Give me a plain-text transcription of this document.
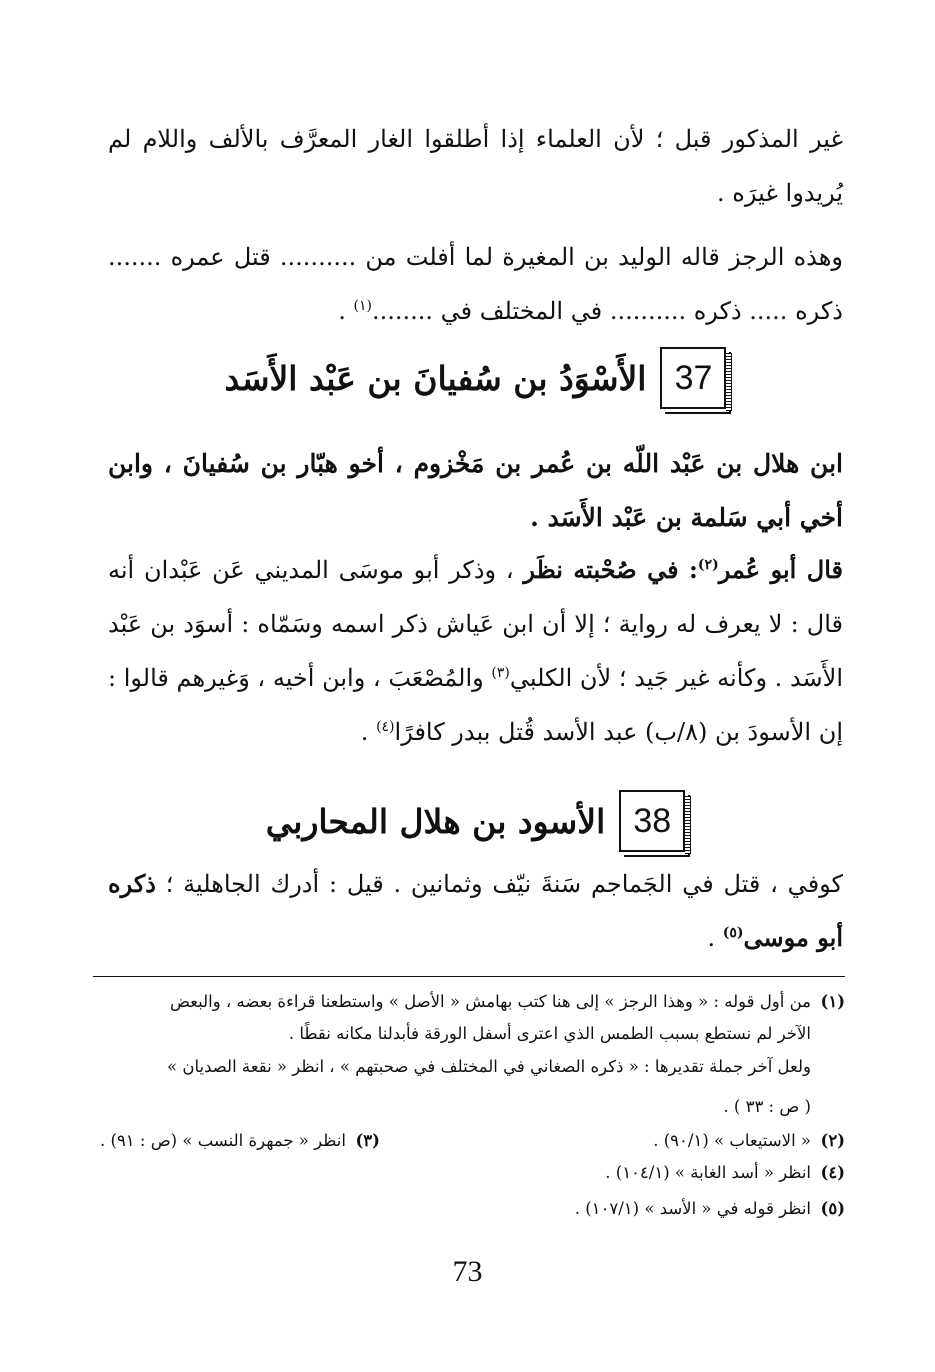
غير المذكور قبل ؛ لأن العلماء إذا أطلقوا الغار المعرَّف بالألف واللام لم يُريدوا غيرَه .
وهذه الرجز قاله الوليد بن المغيرة لما أفلت من .......... قتل عمره ....... ذكره ..... ذكره .......... في المختلف في ........$^{(١)}$ .
37
الأَسْوَدُ بن سُفيانَ بن عَبْد الأَسَد
ابن هلال بن عَبْد اللّه بن عُمر بن مَخْزوم ، أخو هبّار بن سُفيانَ ، وابن أخي أبي سَلمة بن عَبْد الأَسَد .
قال أبو عُمر$^{(٢)}$: في صُحْبته نظَر ، وذكر أبو موسَى المديني عَن عَبْدان أنه قال : لا يعرف له رواية ؛ إلا أن ابن عَياش ذكر اسمه وسَمّاه : أسوَد بن عَبْد الأَسَد . وكأنه غير جَيد ؛ لأن الكلبي$^{(٣)}$ والمُصْعَبَ ، وابن أخيه ، وَغيرهم قالوا : إن الأسودَ بن (٨/ب) عبد الأسد قُتل ببدر كافرًا$^{(٤)}$ .
38
الأسود بن هلال المحاربي
كوفي ، قتل في الجَماجم سَنةَ نيّف وثمانين . قيل : أدرك الجاهلية ؛ ذكره أبو موسى$^{(٥)}$ .
(١)من أول قوله : « وهذا الرجز » إلى هنا كتب بهامش « الأصل » واستطعنا قراءة بعضه ، والبعض
الآخر لم نستطع بسبب الطمس الذي اعترى أسفل الورقة فأبدلنا مكانه نقطًا .
ولعل آخر جملة تقديرها : « ذكره الصغاني في المختلف في صحبتهم » ، انظر « نقعة الصديان »
( ص : ٣٣ ) .
(٢)« الاستيعاب » (٩٠/١) .
(٣)انظر « جمهرة النسب » (ص : ٩١) .
(٤)انظر « أسد الغابة » (١٠٤/١) .
(٥)انظر قوله في « الأسد » (١٠٧/١) .
73
